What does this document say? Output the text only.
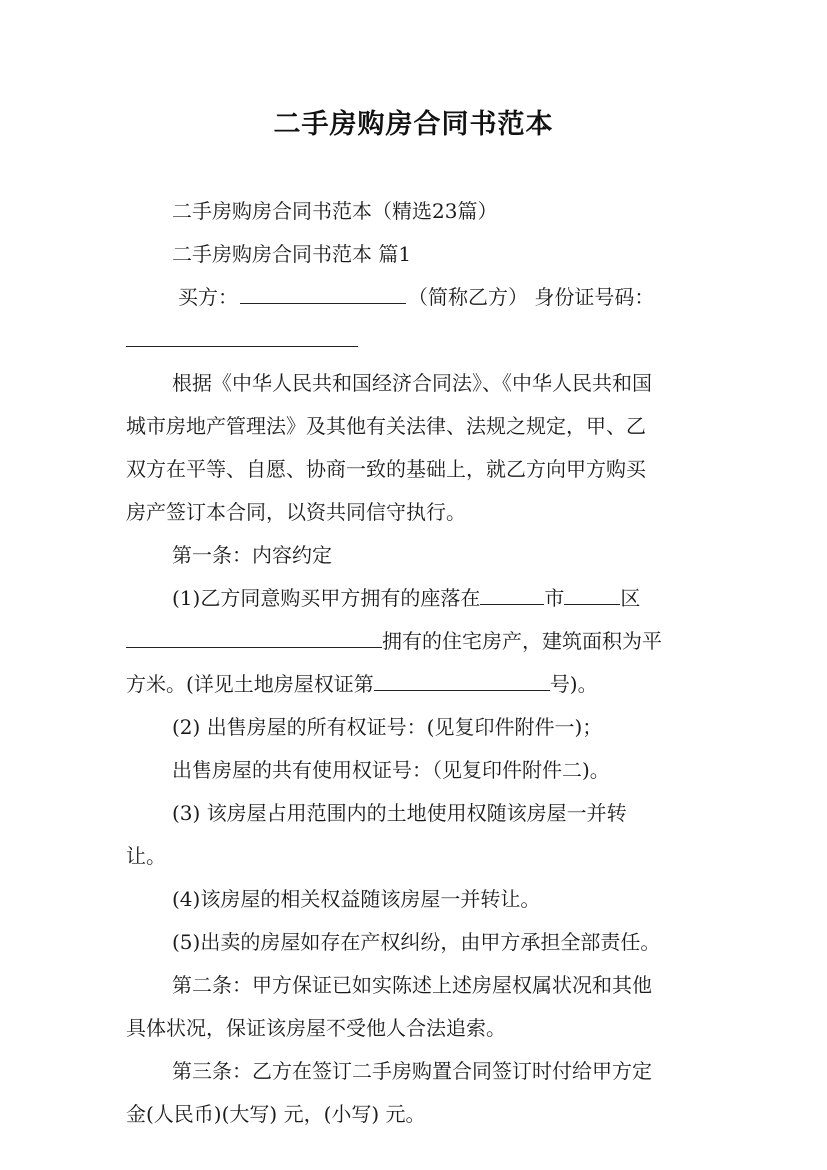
二手房购房合同书范本
二手房购房合同书范本（精选23篇）
二手房购房合同书范本 篇1
买方：	（简称乙方） 身份证号码：
根据《中华人民共和国经济合同法》、《中华人民共和国
城市房地产管理法》及其他有关法律、法规之规定，甲、乙
双方在平等、自愿、协商一致的基础上，就乙方向甲方购买
房产签订本合同，以资共同信守执行。
第一条：内容约定
(1)乙方同意购买甲方拥有的座落在	市	区
拥有的住宅房产，建筑面积为平
方米。(详见土地房屋权证第	号)。
(2) 出售房屋的所有权证号：(见复印件附件一)；
出售房屋的共有使用权证号：（见复印件附件二)。
(3) 该房屋占用范围内的土地使用权随该房屋一并转
让。
(4)该房屋的相关权益随该房屋一并转让。
(5)出卖的房屋如存在产权纠纷，由甲方承担全部责任。
第二条：甲方保证已如实陈述上述房屋权属状况和其他
具体状况，保证该房屋不受他人合法追索。
第三条：乙方在签订二手房购置合同签订时付给甲方定
金(人民币)(大写) 元，(小写) 元。
